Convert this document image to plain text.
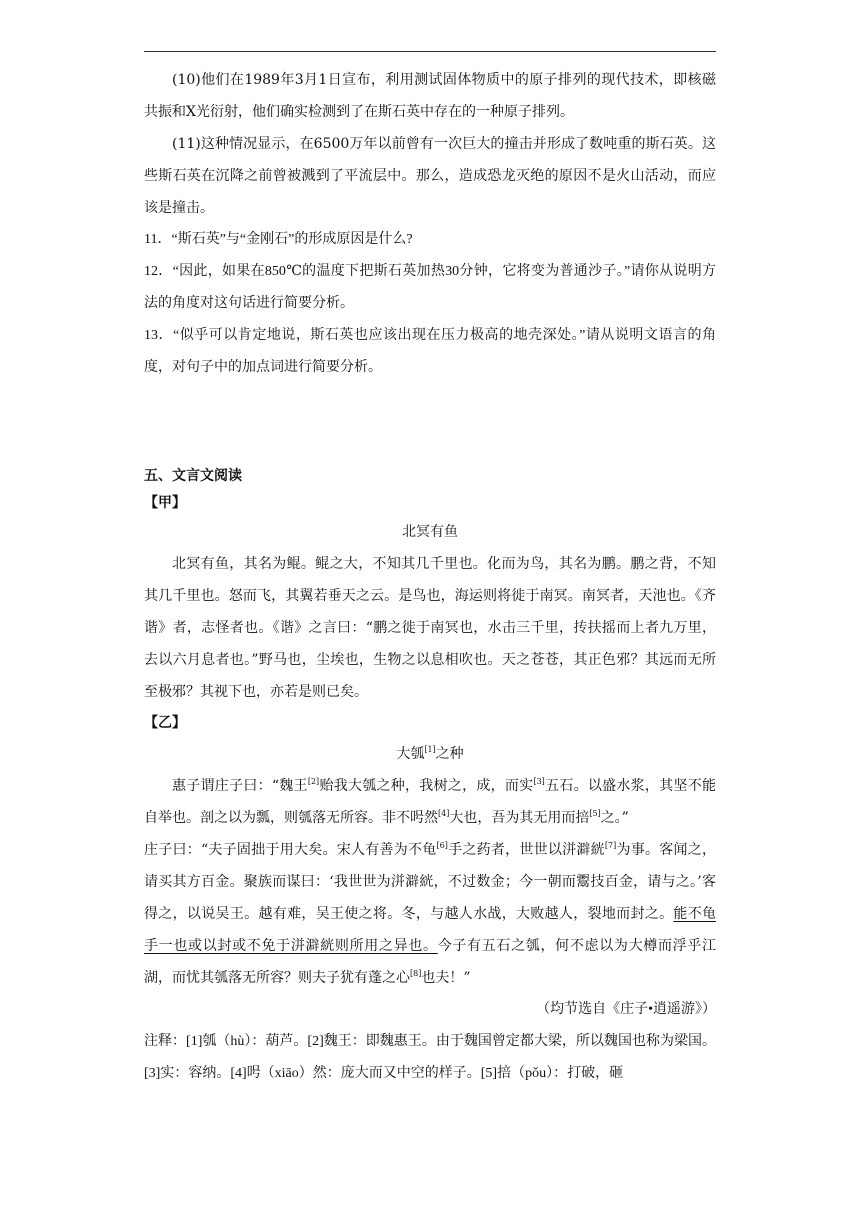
(10)他们在1989年3月1日宣布，利用测试固体物质中的原子排列的现代技术，即核磁共振和X光衍射，他们确实检测到了在斯石英中存在的一种原子排列。

(11)这种情况显示，在6500万年以前曾有一次巨大的撞击并形成了数吨重的斯石英。这些斯石英在沉降之前曾被溅到了平流层中。那么，造成恐龙灭绝的原因不是火山活动，而应该是撞击。

11．“斯石英”与“金刚石”的形成原因是什么?

12．“因此，如果在850℃的温度下把斯石英加热30分钟，它将变为普通沙子。”请你从说明方法的角度对这句话进行简要分析。

13．“似乎可以肯定地说，斯石英也应该出现在压力极高的地壳深处。”请从说明文语言的角度，对句子中的加点词进行简要分析。

五、文言文阅读

【甲】

北冥有鱼

北冥有鱼，其名为鲲。鲲之大，不知其几千里也。化而为鸟，其名为鹏。鹏之背，不知其几千里也。怒而飞，其翼若垂天之云。是鸟也，海运则将徙于南冥。南冥者，天池也。《齐谐》者，志怪者也。《谐》之言曰：“鹏之徙于南冥也，水击三千里，抟扶摇而上者九万里，去以六月息者也。”野马也，尘埃也，生物之以息相吹也。天之苍苍，其正色邪？其远而无所至极邪？其视下也，亦若是则已矣。

【乙】

大瓠[1]之种

惠子谓庄子曰：“魏王[2]贻我大瓠之种，我树之，成，而实[3]五石。以盛水浆，其坚不能自举也。剖之以为瓢，则瓠落无所容。非不呺然[4]大也，吾为其无用而掊[5]之。”

庄子曰：“夫子固拙于用大矣。宋人有善为不龟[6]手之药者，世世以洴澼絖[7]为事。客闻之，请买其方百金。聚族而谋曰：‘我世世为洴澼絖，不过数金；今一朝而鬻技百金，请与之。’客得之，以说吴王。越有难，吴王使之将。冬，与越人水战，大败越人，裂地而封之。能不龟手一也或以封或不免于洴澼絖则所用之异也。今子有五石之瓠，何不虑以为大樽而浮乎江湖，而忧其瓠落无所容？则夫子犹有蓬之心[8]也夫！”

（均节选自《庄子•逍遥游》）

注释：[1]瓠（hù）：葫芦。[2]魏王：即魏惠王。由于魏国曾定都大梁，所以魏国也称为梁国。[3]实：容纳。[4]呺（xiāo）然：庞大而又中空的样子。[5]掊（pǒu）：打破，砸
